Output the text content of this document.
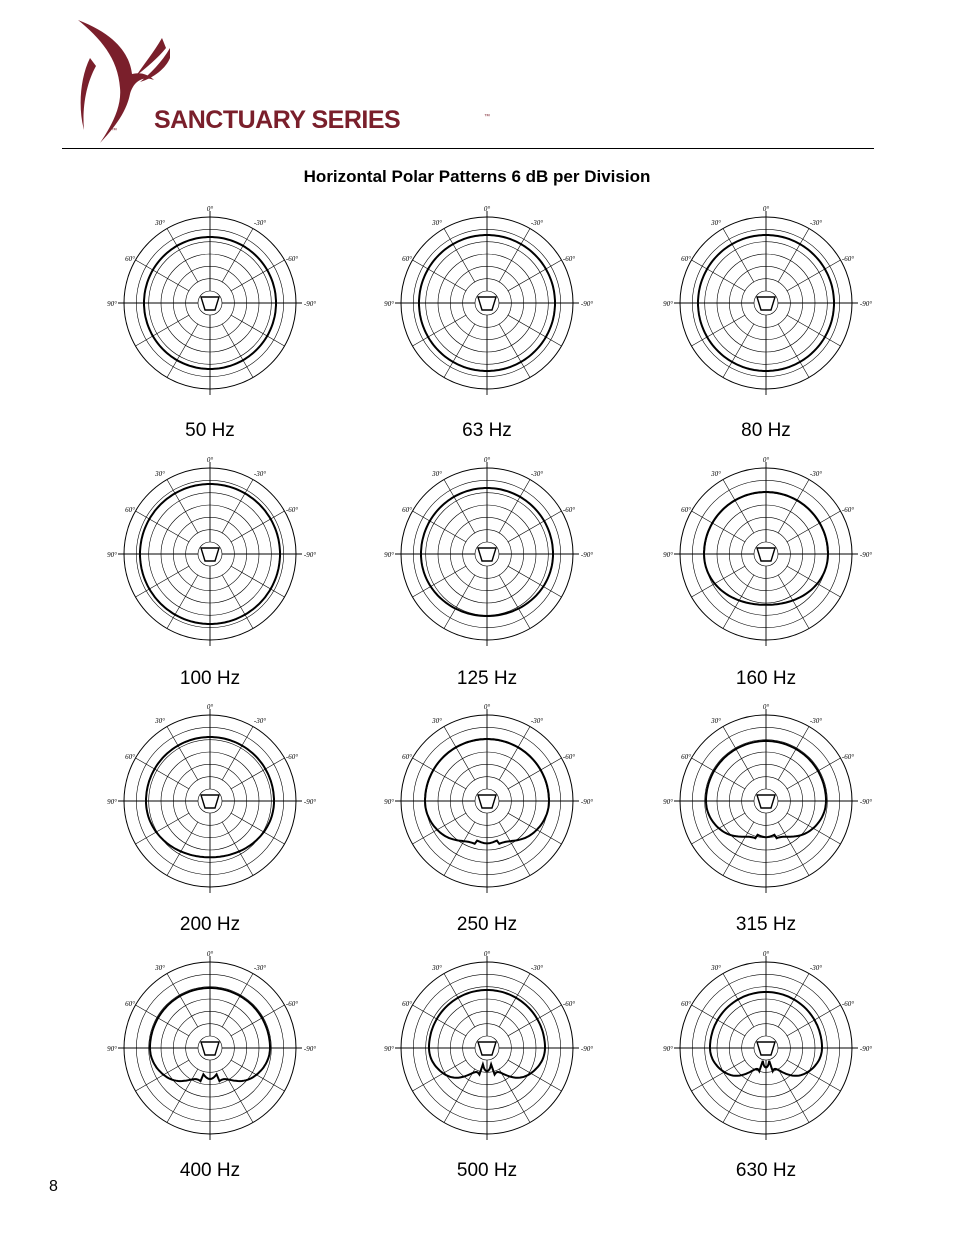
™ SANCTUARY SERIES	™
Horizontal Polar Patterns 6 dB per Division
0°
30°	-30°
60°	-60°
90°	-90°
50 Hz
0°
30°	-30°
60°	-60°
90°	-90°
63 Hz
0°
30°	-30°
60°	-60°
90°	-90°
80 Hz
0°
30°	-30°
60°	-60°
90°	-90°
100 Hz
0°
30°	-30°
60°	-60°
90°	-90°
125 Hz
0°
30°	-30°
60°	-60°
90°	-90°
160 Hz
0°
30°	-30°
60°	-60°
90°	-90°
200 Hz
0°
30°	-30°
60°	-60°
90°	-90°
250 Hz
0°
30°	-30°
60°	-60°
90°	-90°
315 Hz
0°
30°	-30°
60°	-60°
90°	-90°
400 Hz
0°
30°	-30°
60°	-60°
90°	-90°
500 Hz
0°
30°	-30°
60°	-60°
90°	-90°
630 Hz
8
